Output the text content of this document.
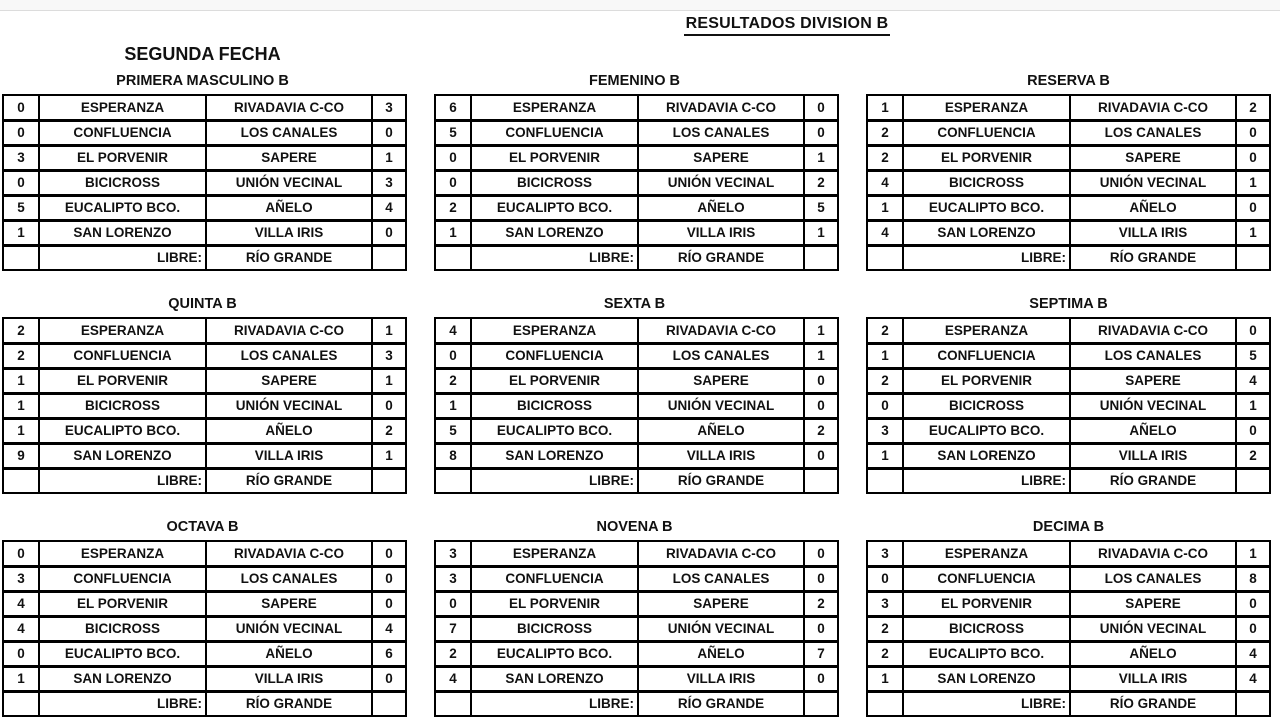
RESULTADOS DIVISION B
SEGUNDA FECHA
PRIMERA MASCULINO B
0	ESPERANZA	RIVADAVIA C-CO	3
0	CONFLUENCIA	LOS CANALES	0
3	EL PORVENIR	SAPERE	1
0	BICICROSS	UNIÓN VECINAL	3
5	EUCALIPTO BCO.	AÑELO	4
1	SAN LORENZO	VILLA IRIS	0
	LIBRE:	RÍO GRANDE	
FEMENINO B
6	ESPERANZA	RIVADAVIA C-CO	0
5	CONFLUENCIA	LOS CANALES	0
0	EL PORVENIR	SAPERE	1
0	BICICROSS	UNIÓN VECINAL	2
2	EUCALIPTO BCO.	AÑELO	5
1	SAN LORENZO	VILLA IRIS	1
	LIBRE:	RÍO GRANDE	
RESERVA B
1	ESPERANZA	RIVADAVIA C-CO	2
2	CONFLUENCIA	LOS CANALES	0
2	EL PORVENIR	SAPERE	0
4	BICICROSS	UNIÓN VECINAL	1
1	EUCALIPTO BCO.	AÑELO	0
4	SAN LORENZO	VILLA IRIS	1
	LIBRE:	RÍO GRANDE	
QUINTA B
2	ESPERANZA	RIVADAVIA C-CO	1
2	CONFLUENCIA	LOS CANALES	3
1	EL PORVENIR	SAPERE	1
1	BICICROSS	UNIÓN VECINAL	0
1	EUCALIPTO BCO.	AÑELO	2
9	SAN LORENZO	VILLA IRIS	1
	LIBRE:	RÍO GRANDE	
SEXTA B
4	ESPERANZA	RIVADAVIA C-CO	1
0	CONFLUENCIA	LOS CANALES	1
2	EL PORVENIR	SAPERE	0
1	BICICROSS	UNIÓN VECINAL	0
5	EUCALIPTO BCO.	AÑELO	2
8	SAN LORENZO	VILLA IRIS	0
	LIBRE:	RÍO GRANDE	
SEPTIMA B
2	ESPERANZA	RIVADAVIA C-CO	0
1	CONFLUENCIA	LOS CANALES	5
2	EL PORVENIR	SAPERE	4
0	BICICROSS	UNIÓN VECINAL	1
3	EUCALIPTO BCO.	AÑELO	0
1	SAN LORENZO	VILLA IRIS	2
	LIBRE:	RÍO GRANDE	
OCTAVA B
0	ESPERANZA	RIVADAVIA C-CO	0
3	CONFLUENCIA	LOS CANALES	0
4	EL PORVENIR	SAPERE	0
4	BICICROSS	UNIÓN VECINAL	4
0	EUCALIPTO BCO.	AÑELO	6
1	SAN LORENZO	VILLA IRIS	0
	LIBRE:	RÍO GRANDE	
NOVENA B
3	ESPERANZA	RIVADAVIA C-CO	0
3	CONFLUENCIA	LOS CANALES	0
0	EL PORVENIR	SAPERE	2
7	BICICROSS	UNIÓN VECINAL	0
2	EUCALIPTO BCO.	AÑELO	7
4	SAN LORENZO	VILLA IRIS	0
	LIBRE:	RÍO GRANDE	
DECIMA B
3	ESPERANZA	RIVADAVIA C-CO	1
0	CONFLUENCIA	LOS CANALES	8
3	EL PORVENIR	SAPERE	0
2	BICICROSS	UNIÓN VECINAL	0
2	EUCALIPTO BCO.	AÑELO	4
1	SAN LORENZO	VILLA IRIS	4
	LIBRE:	RÍO GRANDE	
